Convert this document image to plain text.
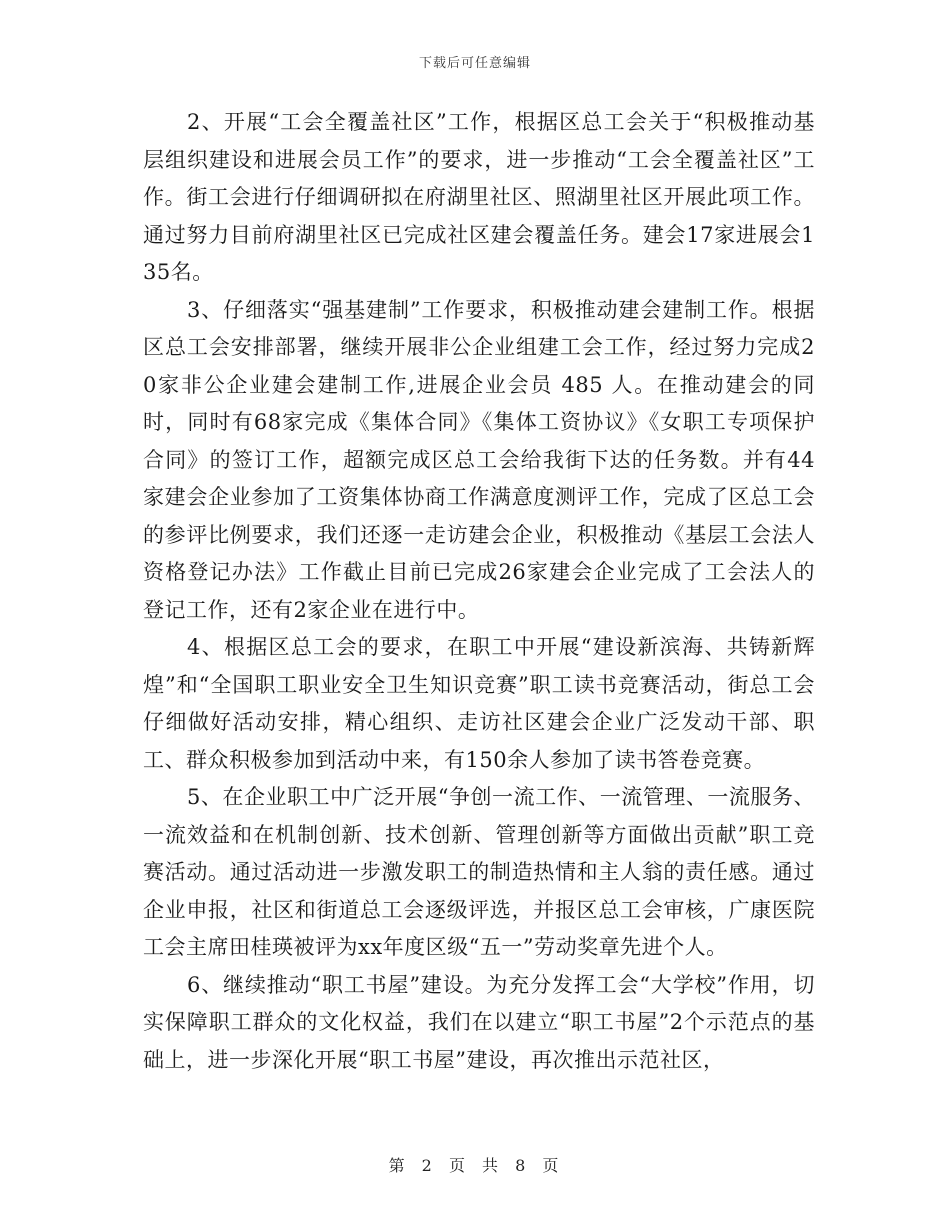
下载后可任意编辑

2、开展“工会全覆盖社区”工作，根据区总工会关于“积极推动基层组织建设和进展会员工作”的要求，进一步推动“工会全覆盖社区”工作。街工会进行仔细调研拟在府湖里社区、照湖里社区开展此项工作。通过努力目前府湖里社区已完成社区建会覆盖任务。建会17家进展会135名。

3、仔细落实“强基建制”工作要求，积极推动建会建制工作。根据区总工会安排部署，继续开展非公企业组建工会工作，经过努力完成20家非公企业建会建制工作,进展企业会员 485 人。在推动建会的同时，同时有68家完成《集体合同》《集体工资协议》《女职工专项保护合同》的签订工作，超额完成区总工会给我街下达的任务数。并有44家建会企业参加了工资集体协商工作满意度测评工作，完成了区总工会的参评比例要求，我们还逐一走访建会企业，积极推动《基层工会法人资格登记办法》工作截止目前已完成26家建会企业完成了工会法人的登记工作，还有2家企业在进行中。

4、根据区总工会的要求，在职工中开展“建设新滨海、共铸新辉煌”和“全国职工职业安全卫生知识竞赛”职工读书竞赛活动，街总工会仔细做好活动安排，精心组织、走访社区建会企业广泛发动干部、职工、群众积极参加到活动中来，有150余人参加了读书答卷竞赛。

5、在企业职工中广泛开展“争创一流工作、一流管理、一流服务、一流效益和在机制创新、技术创新、管理创新等方面做出贡献”职工竞赛活动。通过活动进一步激发职工的制造热情和主人翁的责任感。通过企业申报，社区和街道总工会逐级评选，并报区总工会审核，广康医院工会主席田桂瑛被评为xx年度区级“五一”劳动奖章先进个人。

6、继续推动“职工书屋”建设。为充分发挥工会“大学校”作用，切实保障职工群众的文化权益，我们在以建立“职工书屋”2个示范点的基础上，进一步深化开展“职工书屋”建设，再次推出示范社区，

第 2 页 共 8 页
